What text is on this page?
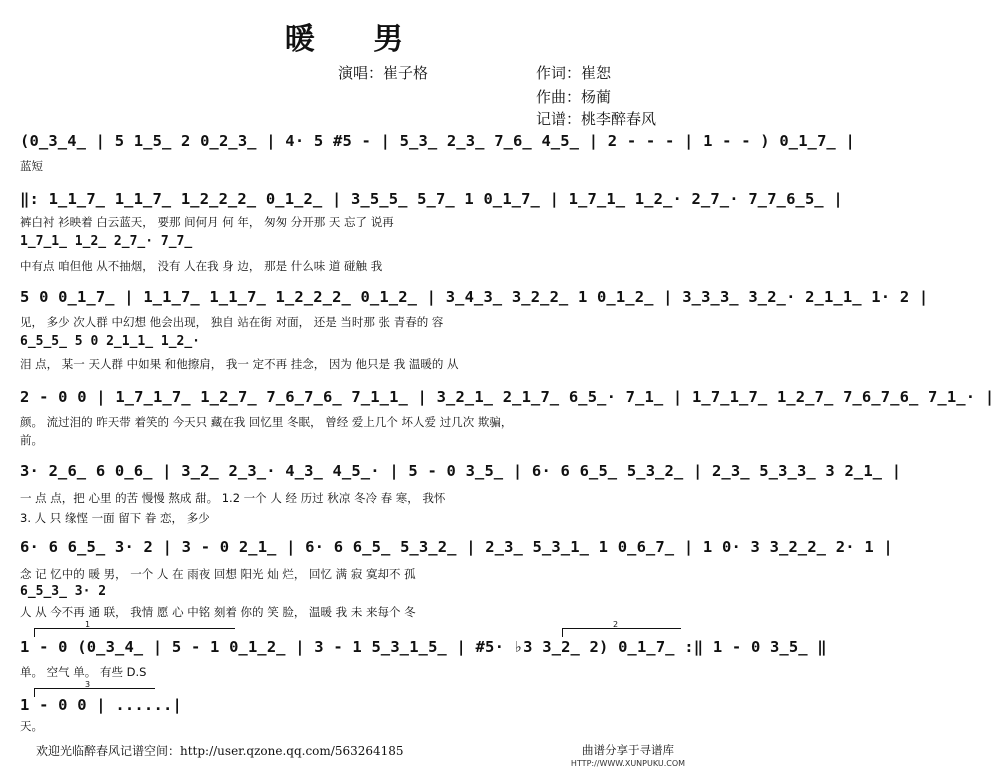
暖 男
演唱：崔子格	作词：崔恕
作曲：杨蔺
记谱：桃李醉春风
(0̲3̲4̲ | 5 1̲5̲ 2 0̲2̲3̲ | 4· 5 #5 - | 5̲3̲ 2̲3̲ 7̲6̲ 4̲5̲ | 2 - - - | 1 - - ) 0̲1̲7̲ |
蓝短
‖: 1̲1̲7̲ 1̲1̲7̲ 1̲2̲2̲2̲ 0̲1̲2̲ | 3̲5̲5̲ 5̲7̲ 1 0̲1̲7̲ | 1̲7̲1̲ 1̲2̲· 2̲7̲· 7̲7̲6̲5̲ |
裤白衬 衫映着 白云蓝天， 要那 间何月 何 年， 匆匆 分开那 天 忘了 说再
1̲7̲1̲ 1̲2̲ 2̲7̲· 7̲7̲
中有点 咱但他 从不抽烟， 没有 人在我 身 边， 那是 什么味 道 碰触 我
5 0 0̲1̲7̲ | 1̲1̲7̲ 1̲1̲7̲ 1̲2̲2̲2̲ 0̲1̲2̲ | 3̲4̲3̲ 3̲2̲2̲ 1 0̲1̲2̲ | 3̲3̲3̲ 3̲2̲· 2̲1̲1̲ 1· 2 |
见， 多少 次人群 中幻想 他会出现， 独自 站在街 对面， 还是 当时那 张 青春的 容
6̲5̲5̲ 5 0 2̲1̲1̲ 1̲2̲·
泪 点， 某一 天人群 中如果 和他擦肩， 我一 定不再 挂念， 因为 他只是 我 温暖的 从
2 - 0 0 | 1̲7̲1̲7̲ 1̲2̲7̲ 7̲6̲7̲6̲ 7̲1̲1̲ | 3̲2̲1̲ 2̲1̲7̲ 6̲5̲· 7̲1̲ | 1̲7̲1̲7̲ 1̲2̲7̲ 7̲6̲7̲6̲ 7̲1̲· |
颜。 流过泪的 昨天带 着笑的 今天只 藏在我 回忆里 冬眠， 曾经 爱上几个 坏人爱 过几次 欺骗，
前。
3· 2̲6̲ 6 0̲6̲ | 3̲2̲ 2̲3̲· 4̲3̲ 4̲5̲· | 5 - 0 3̲5̲ | 6· 6 6̲5̲ 5̲3̲2̲ | 2̲3̲ 5̲3̲3̲ 3 2̲1̲ |
一 点 点，把 心里 的苦 慢慢 熬成 甜。 1.2 一个 人 经 历过 秋凉 冬冷 春 寒， 我怀
3. 人 只 缘悭 一面 留下 眷 恋， 多少
6· 6 6̲5̲ 3· 2 | 3 - 0 2̲1̲ | 6· 6 6̲5̲ 5̲3̲2̲ | 2̲3̲ 5̲3̲1̲ 1 0̲6̲7̲ | 1 0· 3 3̲2̲2̲ 2· 1 |
念 记 忆中的 暖 男， 一个 人 在 雨夜 回想 阳光 灿 烂， 回忆 满 寂 寞却不 孤
6̲5̲3̲ 3· 2
人 从 今不再 通 联， 我情 愿 心 中铭 刻着 你的 笑 脸， 温暖 我 未 来每个 冬
1	2
1 - 0 (0̲3̲4̲ | 5 - 1 0̲1̲2̲ | 3 - 1 5̲3̲1̲5̲ | #5· ♭3 3̲2̲ 2) 0̲1̲7̲ :‖ 1 - 0 3̲5̲ ‖
单。 空气 单。 有些 D.S
3
1 - 0 0 | ......|
天。
欢迎光临醉春风记谱空间：http://user.qzone.qq.com/563264185	曲谱分享于寻谱库
HTTP://WWW.XUNPUKU.COM
